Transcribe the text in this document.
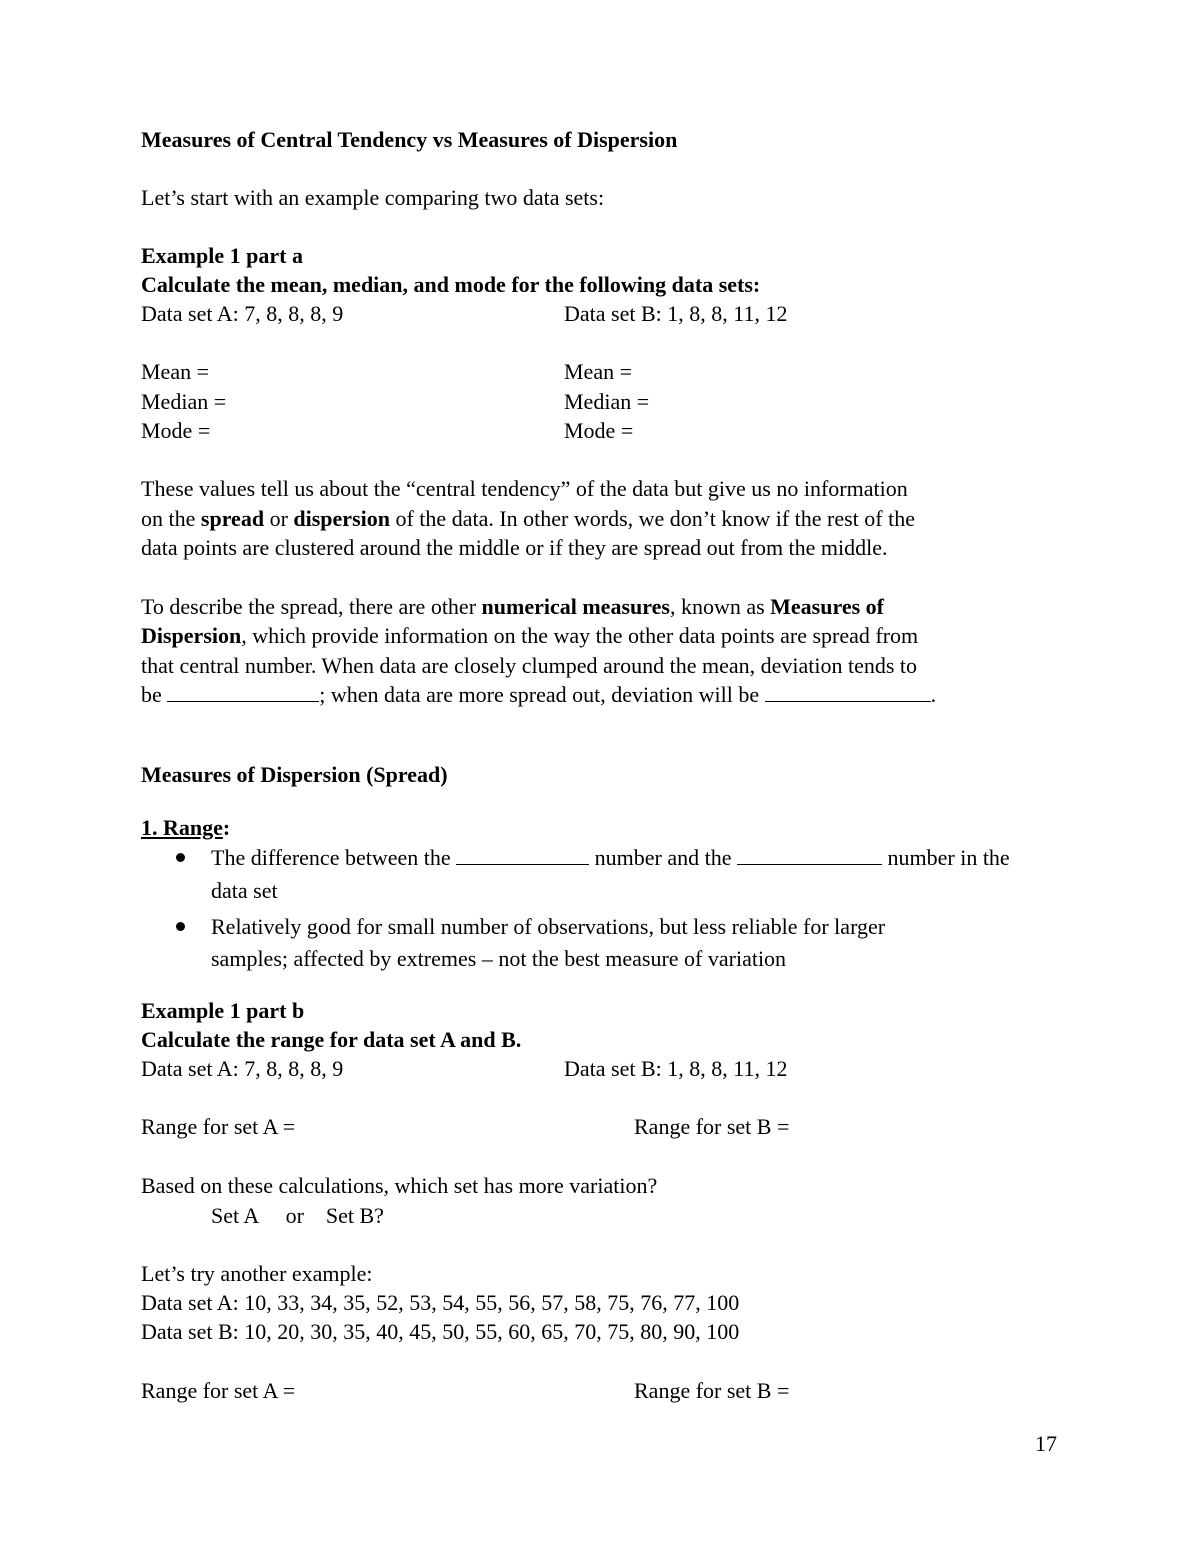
Measures of Central Tendency vs Measures of Dispersion
Let’s start with an example comparing two data sets:
Example 1 part a
Calculate the mean, median, and mode for the following data sets:
Data set A: 7, 8, 8, 8, 9	Data set B: 1, 8, 8, 11, 12
Mean =	Mean =
Median =	Median =
Mode =	Mode =
These values tell us about the “central tendency” of the data but give us no information
on the spread or dispersion of the data. In other words, we don’t know if the rest of the
data points are clustered around the middle or if they are spread out from the middle.
To describe the spread, there are other numerical measures, known as Measures of
Dispersion, which provide information on the way the other data points are spread from
that central number. When data are closely clumped around the mean, deviation tends to
be	; when data are more spread out, deviation will be	.
Measures of Dispersion (Spread)
1. Range:
The difference between the	number and the	number in the
data set
Relatively good for small number of observations, but less reliable for larger
samples; affected by extremes – not the best measure of variation
Example 1 part b
Calculate the range for data set A and B.
Data set A: 7, 8, 8, 8, 9	Data set B: 1, 8, 8, 11, 12
Range for set A =	Range for set B =
Based on these calculations, which set has more variation?
Set A     or    Set B?
Let’s try another example:
Data set A: 10, 33, 34, 35, 52, 53, 54, 55, 56, 57, 58, 75, 76, 77, 100
Data set B: 10, 20, 30, 35, 40, 45, 50, 55, 60, 65, 70, 75, 80, 90, 100
Range for set A =	Range for set B =
17
